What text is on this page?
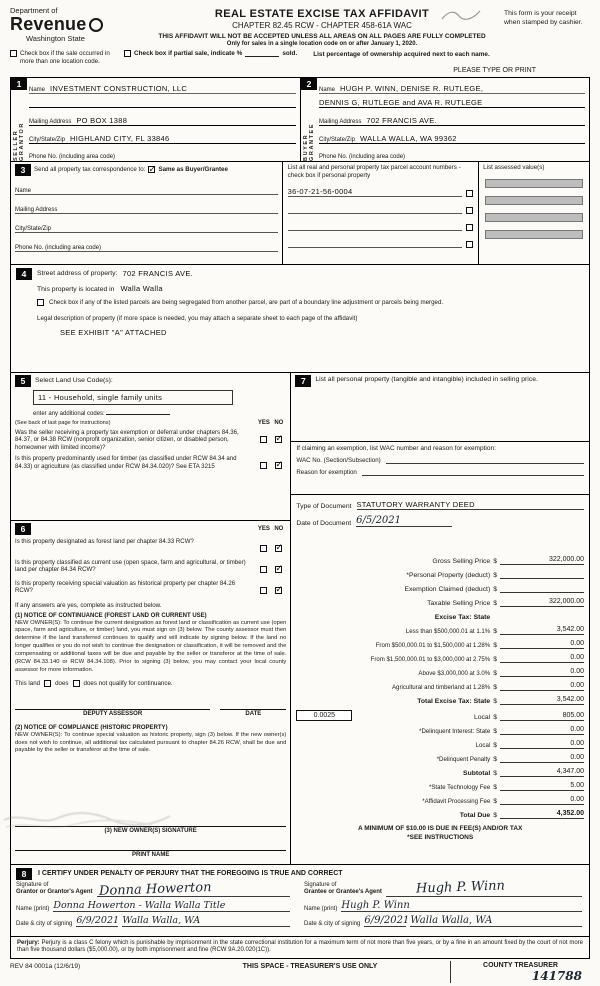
Department of
Revenue
Washington State
REAL ESTATE EXCISE TAX AFFIDAVIT
CHAPTER 82.45 RCW - CHAPTER 458-61A WAC
THIS AFFIDAVIT WILL NOT BE ACCEPTED UNLESS ALL AREAS ON ALL PAGES ARE FULLY COMPLETED
Only for sales in a single location code on or after January 1, 2020.
This form is your receipt
when stamped by cashier.
Check box if the sale occurred in more than one location code.
Check box if partial sale, indicate %	sold.	List percentage of ownership acquired next to each name.
PLEASE TYPE OR PRINT
1
SELLER GRANTOR
Name INVESTMENT CONSTRUCTION, LLC
Mailing Address PO BOX 1388
City/State/Zip HIGHLAND CITY, FL 33846
Phone No. (including area code)
2
BUYER GRANTEE
Name HUGH P. WINN, DENISE R. RUTLEGE,
DENNIS G, RUTLEGE and AVA R. RUTLEGE
Mailing Address 702 FRANCIS AVE.
City/State/Zip WALLA WALLA, WA 99362
Phone No. (including area code)
3	Send all property tax correspondence to: ✓ Same as Buyer/Grantee
Name
Mailing Address
City/State/Zip
Phone No. (including area code)
List all real and personal property tax parcel account numbers - check box if personal property
36-07-21-56-0004
List assessed value(s)
4	Street address of property: 702 FRANCIS AVE.
This property is located in Walla Walla
Check box if any of the listed parcels are being segregated from another parcel, are part of a boundary line adjustment or parcels being merged.
Legal description of property (if more space is needed, you may attach a separate sheet to each page of the affidavit)
SEE EXHIBIT "A" ATTACHED
5	Select Land Use Code(s):
11 - Household, single family units
enter any additional codes:
(See back of last page for instructions)	YES NO
Was the seller receiving a property tax exemption or deferral under chapters 84.36, 84.37, or 84.38 RCW (nonprofit organization, senior citizen, or disabled person, homeowner with limited income)?
✓
Is this property predominantly used for timber (as classified under RCW 84.34 and 84.33) or agriculture (as classified under RCW 84.34.020)? See ETA 3215
✓
6	YES NO
Is this property designated as forest land per chapter 84.33 RCW?
✓
Is this property classified as current use (open space, farm and agricultural, or timber) land per chapter 84.34 RCW?
✓
Is this property receiving special valuation as historical property per chapter 84.26 RCW?
✓
If any answers are yes, complete as instructed below.
(1) NOTICE OF CONTINUANCE (FOREST LAND OR CURRENT USE)
NEW OWNER(S): To continue the current designation as forest land or classification as current use (open space, farm and agriculture, or timber) land, you must sign on (3) below. The county assessor must then determine if the land transferred continues to qualify and will indicate by signing below. If the land no longer qualifies or you do not wish to continue the designation or classification, it will be removed and the compensating or additional taxes will be due and payable by the seller or transferor at the time of sale. (RCW 84.33.140 or RCW 84.34.108). Prior to signing (3) below, you may contact your local county assessor for more information.
This land does does not qualify for continuance.
DEPUTY ASSESSOR	DATE
(2) NOTICE OF COMPLIANCE (HISTORIC PROPERTY)
NEW OWNER(S): To continue special valuation as historic property, sign (3) below. If the new owner(s) does not wish to continue, all additional tax calculated pursuant to chapter 84.26 RCW, shall be due and payable by the seller or transferor at the time of sale.
(3) NEW OWNER(S) SIGNATURE
PRINT NAME
7	List all personal property (tangible and intangible) included in selling price.
If claiming an exemption, list WAC number and reason for exemption:
WAC No. (Section/Subsection)
Reason for exemption
Type of Document STATUTORY WARRANTY DEED
Date of Document 6/5/2021
Gross Selling Price $	322,000.00
*Personal Property (deduct) $
Exemption Claimed (deduct) $
Taxable Selling Price $	322,000.00
Excise Tax: State
Less than $500,000.01 at 1.1% $	3,542.00
From $500,000.01 to $1,500,000 at 1.28% $	0.00
From $1,500,000.01 to $3,000,000 at 2.75% $	0.00
Above $3,000,000 at 3.0% $	0.00
Agricultural and timberland at 1.28% $	0.00
Total Excise Tax: State $	3,542.00
0.0025	Local $	805.00
*Delinquent Interest: State $	0.00
Local $	0.00
*Delinquent Penalty $	0.00
Subtotal $	4,347.00
*State Technology Fee $	5.00
*Affidavit Processing Fee $	0.00
Total Due $	4,352.00
A MINIMUM OF $10.00 IS DUE IN FEE(S) AND/OR TAX
*SEE INSTRUCTIONS
8	I CERTIFY UNDER PENALTY OF PERJURY THAT THE FOREGOING IS TRUE AND CORRECT
Signature of
Grantor or Grantor's Agent Donna Howerton
Name (print) Donna Howerton - Walla Walla Title
Date & city of signing 6/9/2021 Walla Walla, WA
Signature of
Grantee or Grantee's Agent	Hugh P. Winn
Name (print) Hugh P. Winn
Date & city of signing 6/9/2021 Walla Walla, WA
Perjury: Perjury is a class C felony which is punishable by imprisonment in the state correctional institution for a maximum term of not more than five years, or by a fine in an amount fixed by the court of not more than five thousand dollars ($5,000.00), or by both imprisonment and fine (RCW 9A.20.020(1C)).
REV 84 0001a (12/6/19)	THIS SPACE - TREASURER'S USE ONLY	COUNTY TREASURER
141788
